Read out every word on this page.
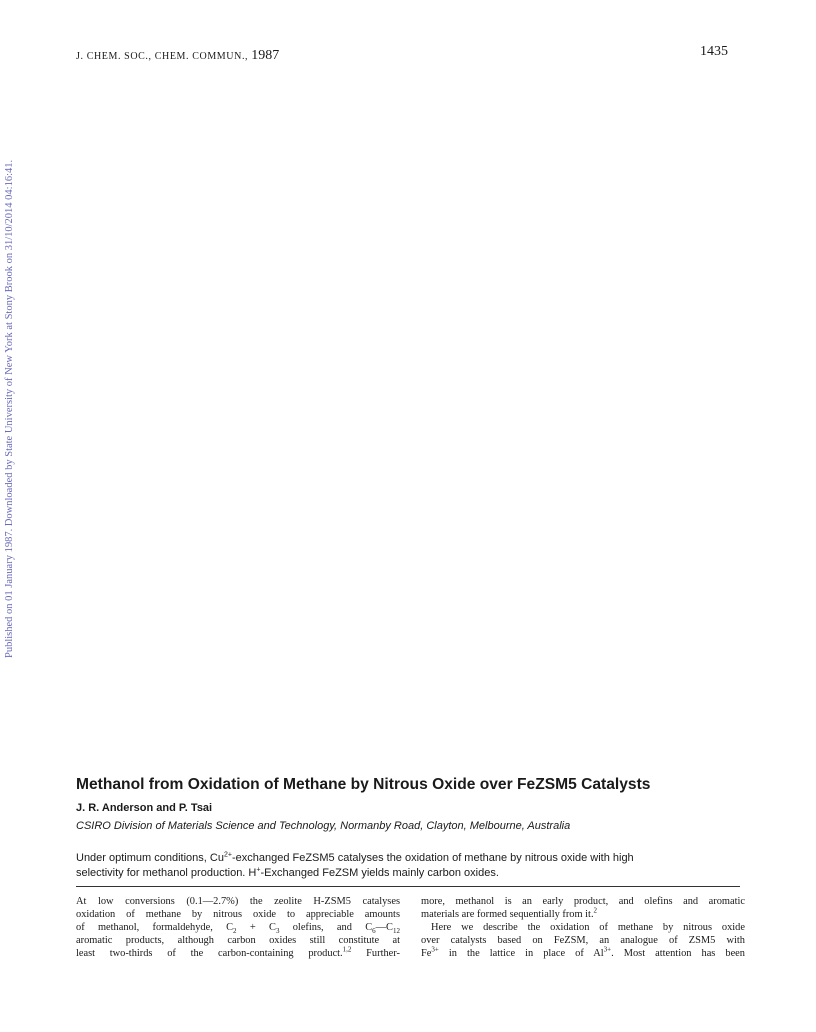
J. CHEM. SOC., CHEM. COMMUN., 1987	1435
Published on 01 January 1987. Downloaded by State University of New York at Stony Brook on 31/10/2014 04:16:41.
Methanol from Oxidation of Methane by Nitrous Oxide over FeZSM5 Catalysts
J. R. Anderson and P. Tsai
CSIRO Division of Materials Science and Technology, Normanby Road, Clayton, Melbourne, Australia
Under optimum conditions, $Cu^{2+}$-exchanged FeZSM5 catalyses the oxidation of methane by nitrous oxide with high
selectivity for methanol production. H+-Exchanged FeZSM yields mainly carbon oxides.
At low conversions (0.1—2.7%) the zeolite H-ZSM5 catalyses
oxidation of methane by nitrous oxide to appreciable amounts
of methanol, formaldehyde, $C_2 + C_3$ olefins, and $C_6—C_{12}$
aromatic products, although carbon oxides still constitute at
least two-thirds of the carbon-containing product.$^{1,2}$ Further-
more, methanol is an early product, and olefins and aromatic
materials are formed sequentially from it.$^2$
Here we describe the oxidation of methane by nitrous oxide
over catalysts based on FeZSM, an analogue of ZSM5 with
$Fe^{3+}$ in the lattice in place of $Al^{3+}$. Most attention has been
